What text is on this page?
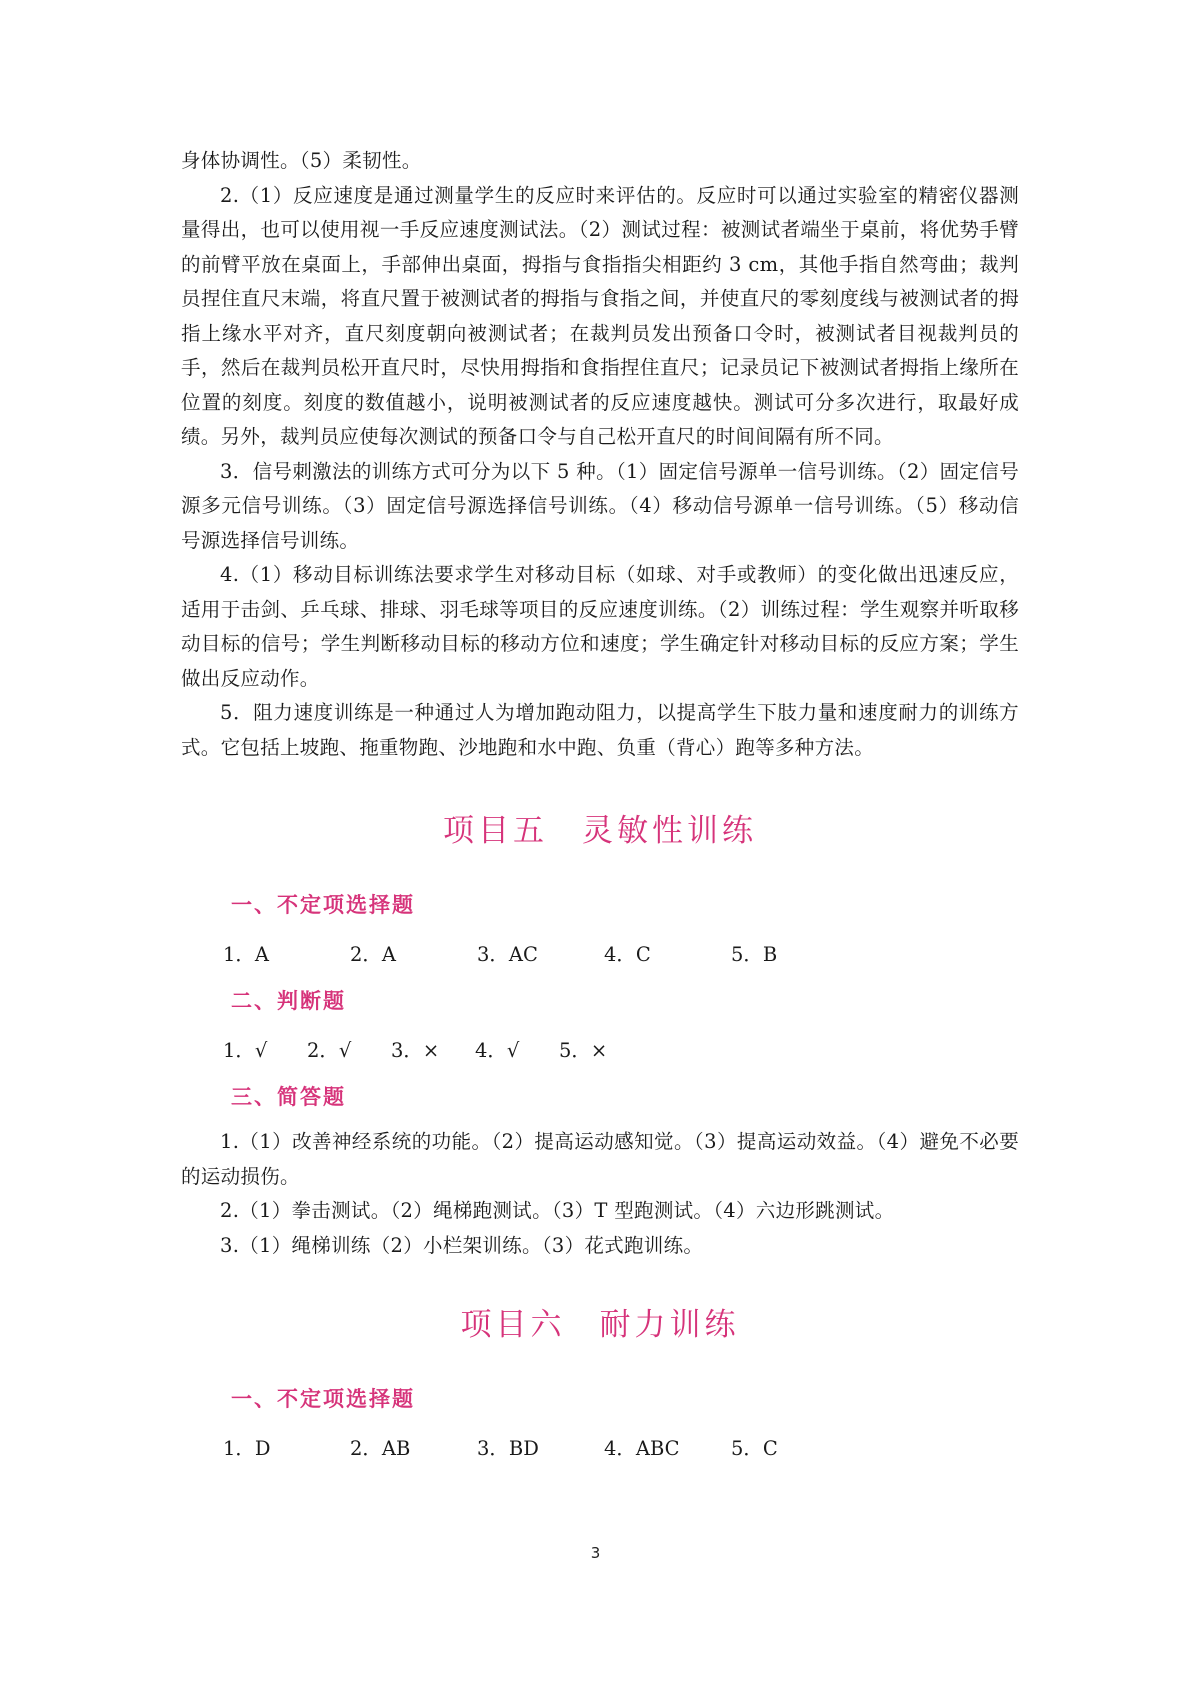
身体协调性。（5）柔韧性。

2.（1）反应速度是通过测量学生的反应时来评估的。反应时可以通过实验室的精密仪器测量得出，也可以使用视一手反应速度测试法。（2）测试过程：被测试者端坐于桌前，将优势手臂的前臂平放在桌面上，手部伸出桌面，拇指与食指指尖相距约 3 cm，其他手指自然弯曲；裁判员捏住直尺末端，将直尺置于被测试者的拇指与食指之间，并使直尺的零刻度线与被测试者的拇指上缘水平对齐，直尺刻度朝向被测试者；在裁判员发出预备口令时，被测试者目视裁判员的手，然后在裁判员松开直尺时，尽快用拇指和食指捏住直尺；记录员记下被测试者拇指上缘所在位置的刻度。刻度的数值越小，说明被测试者的反应速度越快。测试可分多次进行，取最好成绩。另外，裁判员应使每次测试的预备口令与自己松开直尺的时间间隔有所不同。

3．信号刺激法的训练方式可分为以下 5 种。（1）固定信号源单一信号训练。（2）固定信号源多元信号训练。（3）固定信号源选择信号训练。（4）移动信号源单一信号训练。（5）移动信号源选择信号训练。

4.（1）移动目标训练法要求学生对移动目标（如球、对手或教师）的变化做出迅速反应，适用于击剑、乒乓球、排球、羽毛球等项目的反应速度训练。（2）训练过程：学生观察并听取移动目标的信号；学生判断移动目标的移动方位和速度；学生确定针对移动目标的反应方案；学生做出反应动作。

5．阻力速度训练是一种通过人为增加跑动阻力，以提高学生下肢力量和速度耐力的训练方式。它包括上坡跑、拖重物跑、沙地跑和水中跑、负重（背心）跑等多种方法。

项目五 灵敏性训练
一、不定项选择题
1．A	2．A	3．AC	4．C	5．B
二、判断题
1．√	2．√	3．×	4．√	5．×
三、简答题

1.（1）改善神经系统的功能。（2）提高运动感知觉。（3）提高运动效益。（4）避免不必要的运动损伤。

2.（1）拳击测试。（2）绳梯跑测试。（3）T 型跑测试。（4）六边形跳测试。

3.（1）绳梯训练（2）小栏架训练。（3）花式跑训练。

项目六 耐力训练
一、不定项选择题
1．D	2．AB	3．BD	4．ABC	5．C
3
